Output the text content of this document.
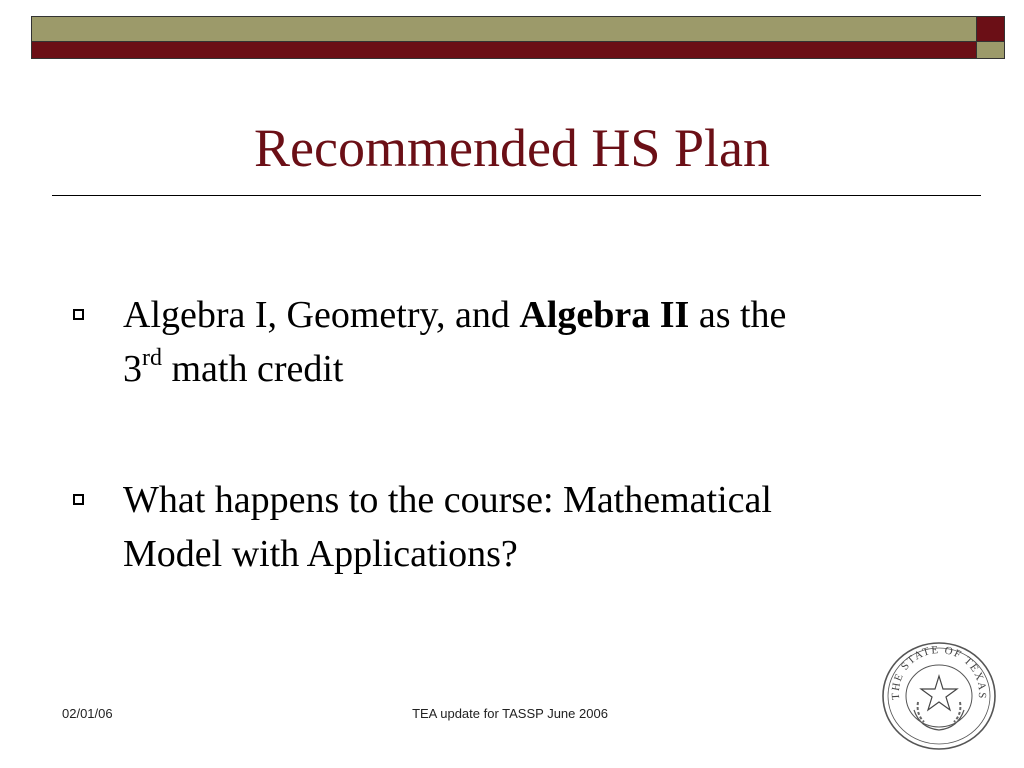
Recommended HS Plan
Algebra I, Geometry, and Algebra II as the
3rd math credit
What happens to the course: Mathematical
Model with Applications?
02/01/06	TEA update for TASSP June 2006
THE STATE OF TEXAS
